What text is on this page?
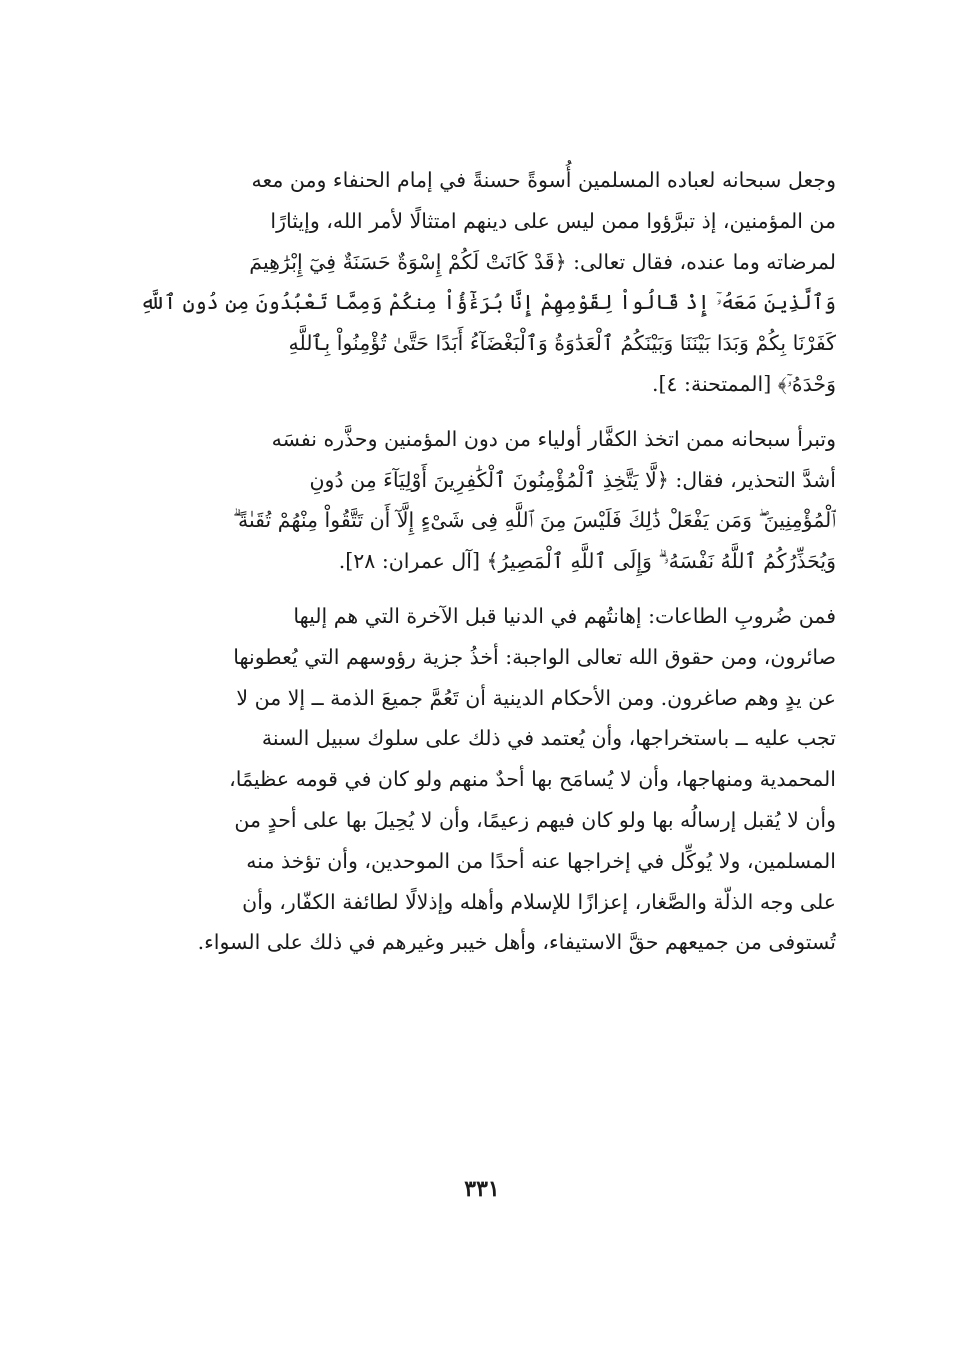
وجعل سبحانه لعباده المسلمين أُسوةً حسنةً في إمام الحنفاء ومن معه
من المؤمنين، إذ تبرَّؤوا ممن ليس على دينهم امتثالًا لأمر الله، وإيثارًا
لمرضاته وما عنده، فقال تعالى: ﴿قَدْ كَانَتْ لَكُمْ إِسْوَةٌ حَسَنَةٌ فِيٓ إِبْرَٰهِيمَ
وَٱلَّذِينَ مَعَهُۥٓ إِذْ قَالُواْ لِقَوْمِهِمْ إِنَّا بُرَءَٰٓؤُاْ مِنكُمْ وَمِمَّا تَعْبُدُونَ مِن دُونِ ٱللَّهِ
كَفَرْنَا بِكُمْ وَبَدَا بَيْنَنَا وَبَيْنَكُمُ ٱلْعَدَٰوَةُ وَٱلْبَغْضَآءُ أَبَدًا حَتَّىٰ تُؤْمِنُواْ بِٱللَّهِ
وَحْدَهُۥٓ﴾ [الممتحنة: ٤].

وتبرأ سبحانه ممن اتخذ الكفَّار أولياء من دون المؤمنين وحذَّره نفسَه
أشدَّ التحذير، فقال: ﴿لَّا يَتَّخِذِ ٱلْمُؤْمِنُونَ ٱلْكَٰفِرِينَ أَوْلِيَآءَ مِن دُونِ
ٱلْمُؤْمِنِينَ ۖ وَمَن يَفْعَلْ ذَٰلِكَ فَلَيْسَ مِنَ ٱللَّهِ فِى شَىْءٍ إِلَّآ أَن تَتَّقُواْ مِنْهُمْ تُقَىٰةً ۗ
وَيُحَذِّرُكُمُ ٱللَّهُ نَفْسَهُۥ ۗ وَإِلَى ٱللَّهِ ٱلْمَصِيرُ﴾ [آل عمران: ٢٨].

فمن ضُروبِ الطاعات: إهانتُهم في الدنيا قبل الآخرة التي هم إليها
صائرون، ومن حقوق الله تعالى الواجبة: أخذُ جزية رؤوسهم التي يُعطونها
عن يدٍ وهم صاغرون. ومن الأحكام الدينية أن تَعُمَّ جميعَ الذمة ــ إلا من لا
تجب عليه ــ باستخراجها، وأن يُعتمد في ذلك على سلوك سبيل السنة
المحمدية ومنهاجها، وأن لا يُسامَح بها أحدٌ منهم ولو كان في قومه عظيمًا،
وأن لا يُقبل إرسالُه بها ولو كان فيهم زعيمًا، وأن لا يُحِيلَ بها على أحدٍ من
المسلمين، ولا يُوكِّل في إخراجها عنه أحدًا من الموحدين، وأن تؤخذ منه
على وجه الذلّة والصَّغار، إعزازًا للإسلام وأهله وإذلالًا لطائفة الكفّار، وأن
تُستوفى من جميعهم حقَّ الاستيفاء، وأهل خيبر وغيرهم في ذلك على السواء.

٣٣١
